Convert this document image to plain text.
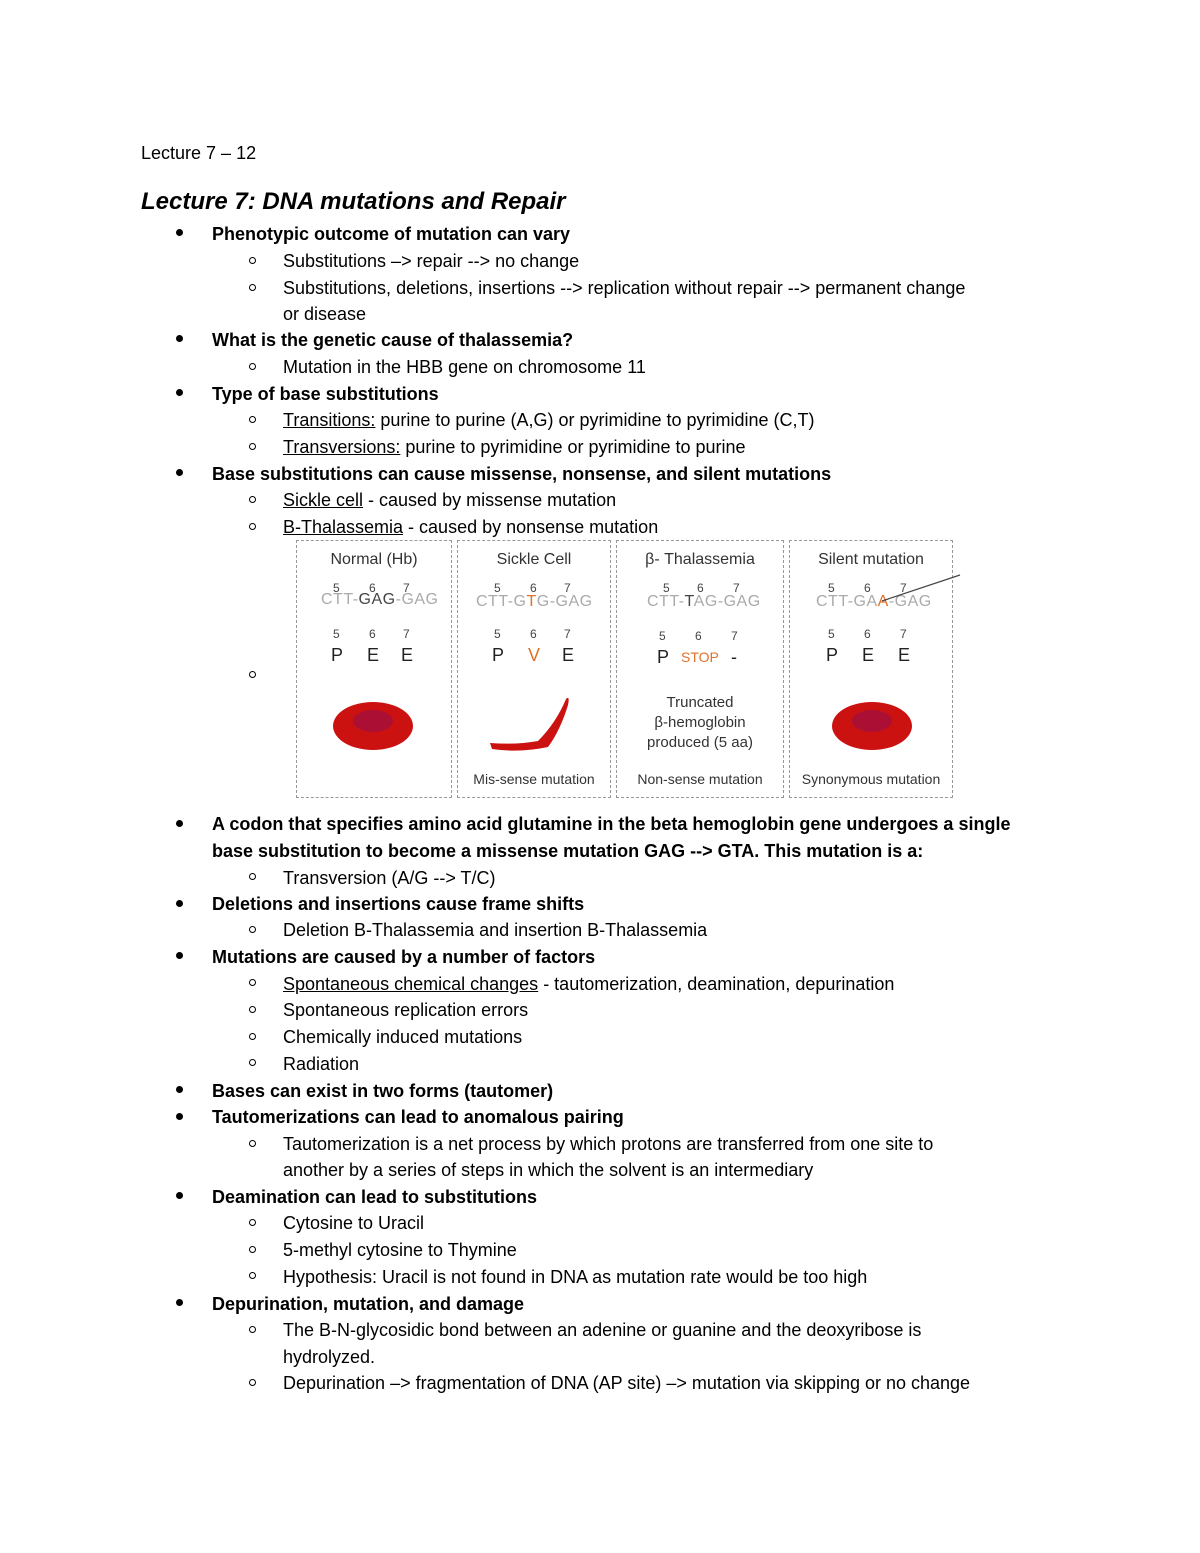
Lecture 7 – 12
Lecture 7: DNA mutations and Repair
Phenotypic outcome of mutation can vary
Substitutions –> repair --> no change
Substitutions, deletions, insertions --> replication without repair --> permanent change
or disease
What is the genetic cause of thalassemia?
Mutation in the HBB gene on chromosome 11
Type of base substitutions
Transitions: purine to purine (A,G) or pyrimidine to pyrimidine (C,T)
Transversions: purine to pyrimidine or pyrimidine to purine
Base substitutions can cause missense, nonsense, and silent mutations
Sickle cell - caused by missense mutation
B-Thalassemia - caused by nonsense mutation
Normal (Hb)
5 6 7
CTT-GAG-GAG
5 6 7
P E E
Sickle Cell
5 6 7
CTT-GTG-GAG
5 6 7
P V E
Mis-sense mutation
β- Thalassemia
5 6 7
CTT-TAG-GAG
5 6 7
P STOP -
Truncated
β-hemoglobin
produced (5 aa)
Non-sense mutation
Silent mutation
5 6 7
CTT-GAA-GAG
5 6 7
P E E
Synonymous mutation
A codon that specifies amino acid glutamine in the beta hemoglobin gene undergoes a single
base substitution to become a missense mutation GAG --> GTA. This mutation is a:
Transversion (A/G --> T/C)
Deletions and insertions cause frame shifts
Deletion B-Thalassemia and insertion B-Thalassemia
Mutations are caused by a number of factors
Spontaneous chemical changes - tautomerization, deamination, depurination
Spontaneous replication errors
Chemically induced mutations
Radiation
Bases can exist in two forms (tautomer)
Tautomerizations can lead to anomalous pairing
Tautomerization is a net process by which protons are transferred from one site to
another by a series of steps in which the solvent is an intermediary
Deamination can lead to substitutions
Cytosine to Uracil
5-methyl cytosine to Thymine
Hypothesis: Uracil is not found in DNA as mutation rate would be too high
Depurination, mutation, and damage
The B-N-glycosidic bond between an adenine or guanine and the deoxyribose is
hydrolyzed.
Depurination –> fragmentation of DNA (AP site) –> mutation via skipping or no change
